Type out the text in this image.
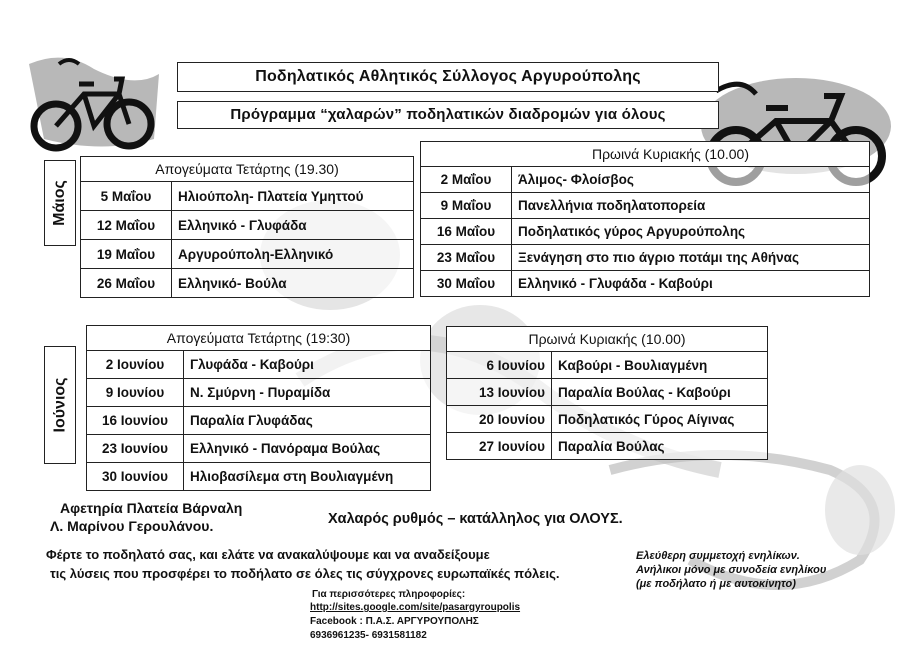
Ποδηλατικός Αθλητικός Σύλλογος Αργυρούπολης
Πρόγραμμα “χαλαρών” ποδηλατικών διαδρομών για όλους
Μάιος
Απογεύματα Τετάρτης (19.30)	
5 Μαΐου	Ηλιούπολη- Πλατεία Υμηττού
12 Μαΐου	Ελληνικό - Γλυφάδα
19 Μαΐου	Αργυρούπολη-Ελληνικό
26 Μαΐου	Ελληνικό- Βούλα
Πρωινά Κυριακής (10.00)	
2 Μαΐου	Άλιμος- Φλοίσβος
9 Μαΐου	Πανελλήνια ποδηλατοπορεία
16 Μαΐου	Ποδηλατικός γύρος Αργυρούπολης
23 Μαΐου	Ξενάγηση στο πιο άγριο ποτάμι της Αθήνας
30 Μαΐου	Ελληνικό - Γλυφάδα - Καβούρι
Ιούνιος
Απογεύματα Τετάρτης (19:30)	
2 Ιουνίου	Γλυφάδα - Καβούρι
9 Ιουνίου	Ν. Σμύρνη - Πυραμίδα
16 Ιουνίου	Παραλία Γλυφάδας
23 Ιουνίου	Ελληνικό - Πανόραμα Βούλας
30 Ιουνίου	Ηλιοβασίλεμα στη Βουλιαγμένη
Πρωινά Κυριακής (10.00)	
6 Ιουνίου	Καβούρι - Βουλιαγμένη
13 Ιουνίου	Παραλία Βούλας - Καβούρι
20 Ιουνίου	Ποδηλατικός Γύρος Αίγινας
27 Ιουνίου	Παραλία Βούλας
Αφετηρία Πλατεία Βάρναλη
Λ. Μαρίνου Γερουλάνου.	Χαλαρός ρυθμός – κατάλληλος για ΟΛΟΥΣ.
Φέρτε το ποδηλατό σας, και ελάτε να ανακαλύψουμε και να αναδείξουμε
τις λύσεις που προσφέρει το ποδήλατο σε όλες τις σύγχρονες ευρωπαϊκές πόλεις.
Ελεύθερη συμμετοχή ενηλίκων.
Ανήλικοι μόνο με συνοδεία ενηλίκου
(με ποδήλατο ή με αυτοκίνητο)
Για περισσότερες πληροφορίες:
http://sites.google.com/site/pasargyroupolis
Facebook : Π.Α.Σ. ΑΡΓΥΡΟΥΠΟΛΗΣ
6936961235- 6931581182
